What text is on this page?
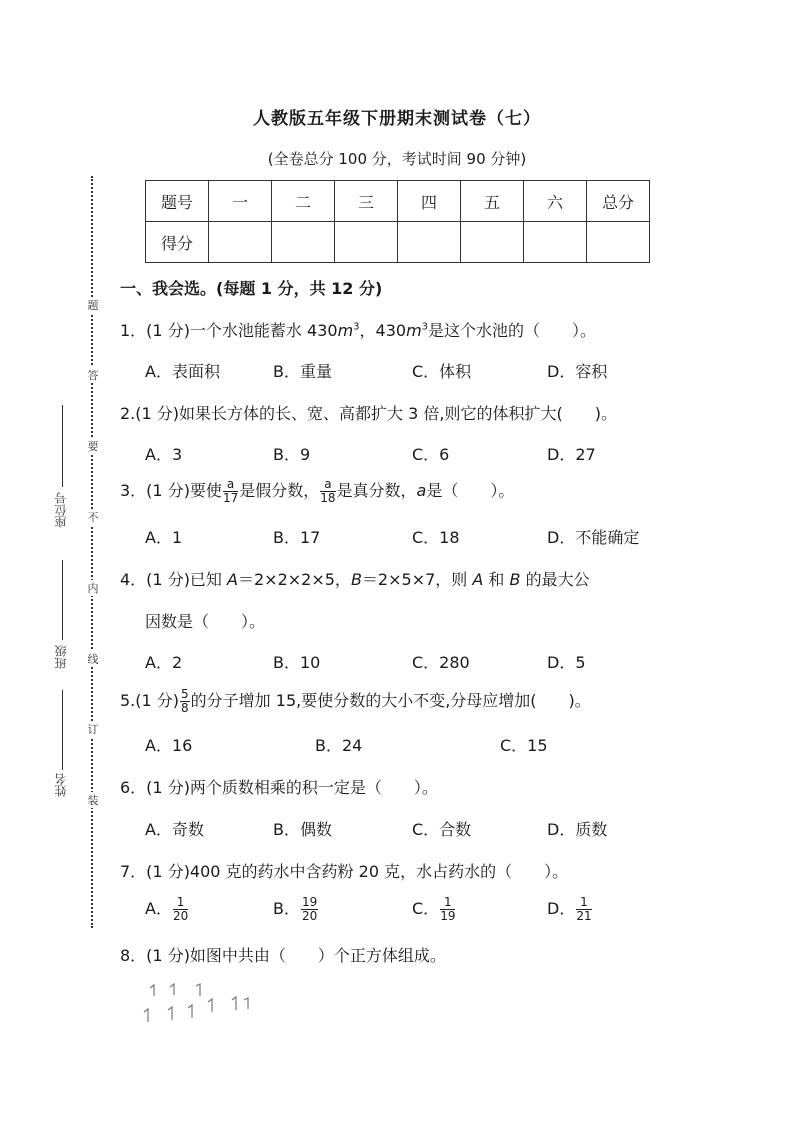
人教版五年级下册期末测试卷（七）
(全卷总分 100 分，考试时间 90 分钟)
题
答
要
不
内
线
订
装
座位号
班级
姓名
题号	一	二	三	四	五	六	总分
得分							
一、我会选。(每题 1 分，共 12 分)
1．(1 分)一个水池能蓄水 $430m^3$，$430m^3$是这个水池的（　　）。
A．表面积	B．重量	C．体积	D．容积
2.(1 分)如果长方体的长、宽、高都扩大 3 倍,则它的体积扩大(　　)。
A．3	B．9	C．6	D．27
3．(1 分)要使 $\frac{a}{17}$ 是假分数， $\frac{a}{18}$ 是真分数，a是（　　）。
A．1	B．17	C．18	D．不能确定
4．(1 分)已知 A＝2×2×2×5，B＝2×5×7，则 A 和 B 的最大公
因数是（　　）。
A．2	B．10	C．280	D．5
5.(1 分) $\frac{5}{8}$ 的分子增加 15,要使分数的大小不变,分母应增加(　　)。
A．16	B．24	C．15
6．(1 分)两个质数相乘的积一定是（　　）。
A．奇数	B．偶数	C．合数	D．质数
7．(1 分)400 克的药水中含药粉 20 克，水占药水的（　　）。
A． $\frac{1}{20}$	B． $\frac{19}{20}$	C． $\frac{1}{19}$	D． $\frac{1}{21}$
8．(1 分)如图中共由（　　）个正方体组成。
